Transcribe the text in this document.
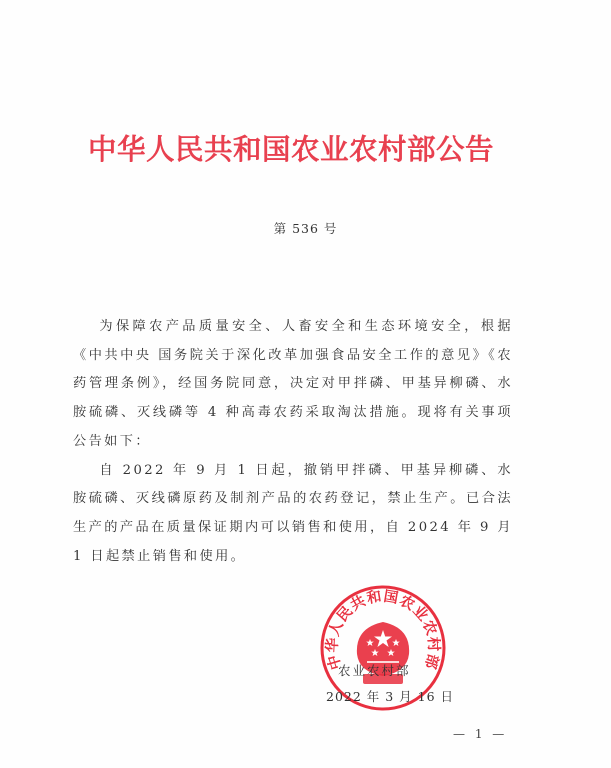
中华人民共和国农业农村部公告
第 536 号

为保障农产品质量安全、人畜安全和生态环境安全，根据《中共中央 国务院关于深化改革加强食品安全工作的意见》《农药管理条例》，经国务院同意，决定对甲拌磷、甲基异柳磷、水胺硫磷、灭线磷等 4 种高毒农药采取淘汰措施。现将有关事项公告如下：

自 2022 年 9 月 1 日起，撤销甲拌磷、甲基异柳磷、水胺硫磷、灭线磷原药及制剂产品的农药登记，禁止生产。已合法生产的产品在质量保证期内可以销售和使用，自 2024 年 9 月 1 日起禁止销售和使用。

中华人民共和国农业农村部
农业农村部
2022 年 3 月 16 日
— 1 —
